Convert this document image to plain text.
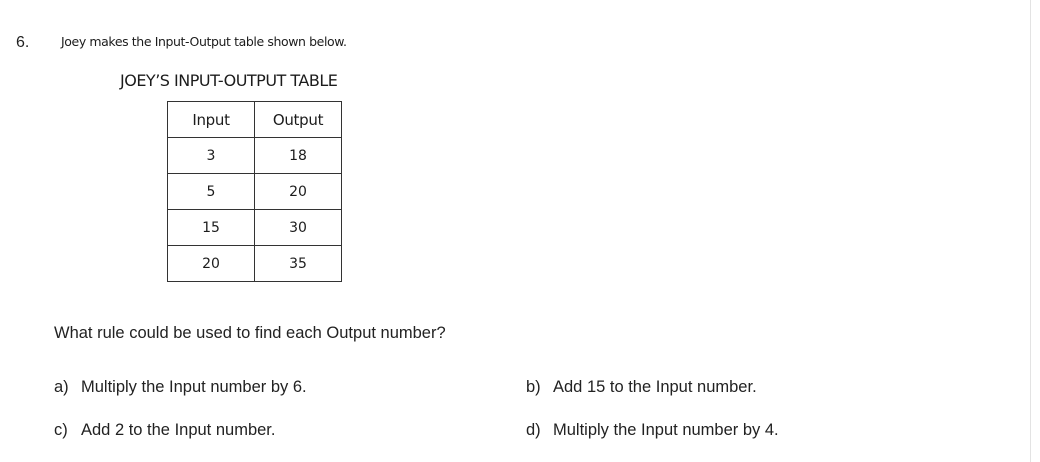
6.	Joey makes the Input-Output table shown below.
JOEY’S INPUT-OUTPUT TABLE
Input	Output
3	18
5	20
15	30
20	35
What rule could be used to find each Output number?
a) Multiply the Input number by 6.	b) Add 15 to the Input number.
c) Add 2 to the Input number.	d) Multiply the Input number by 4.
